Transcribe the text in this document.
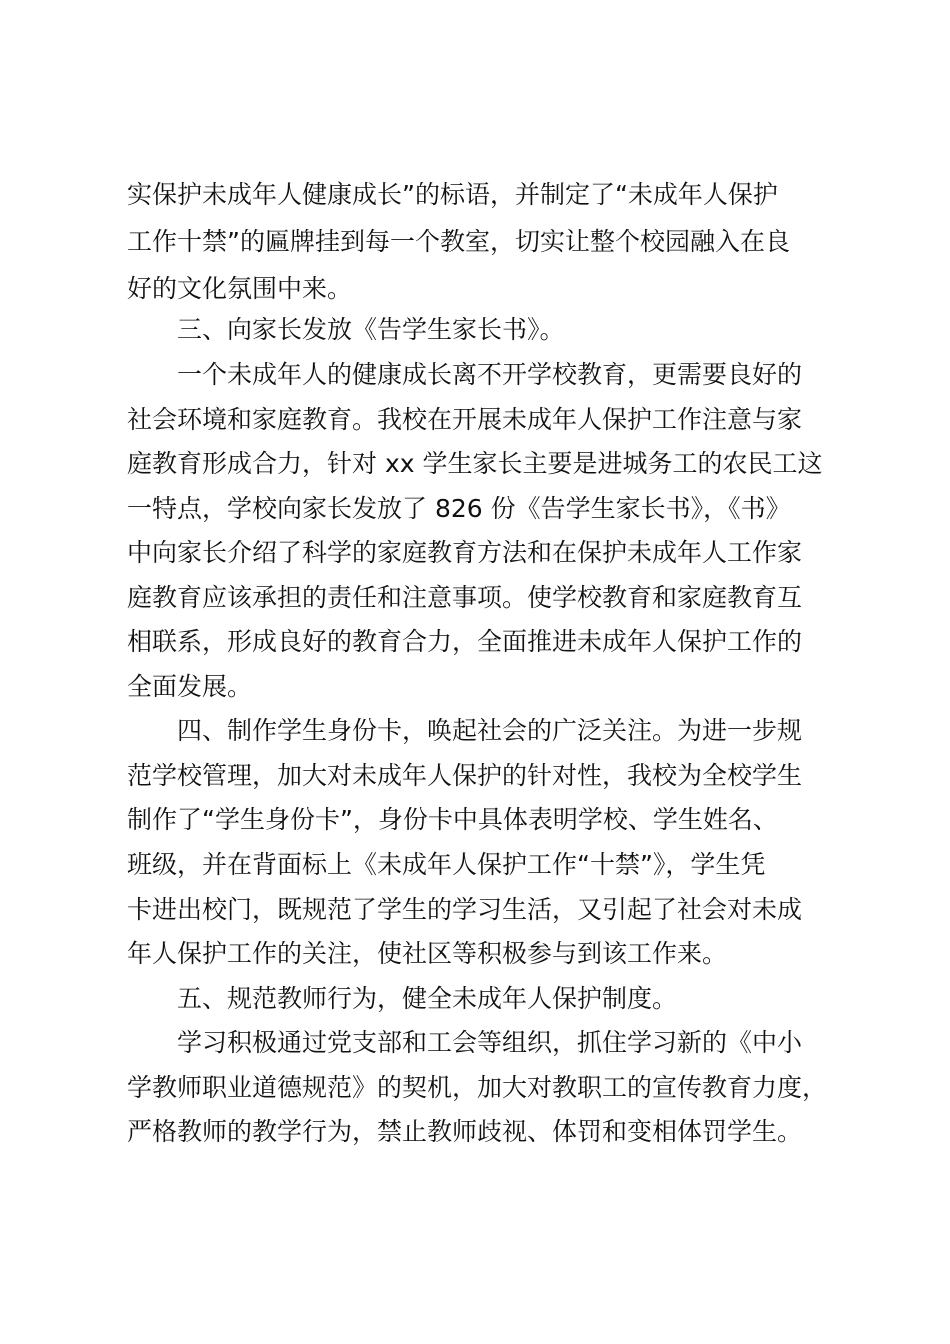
实保护未成年人健康成长”的标语，并制定了“未成年人保护
工作十禁”的匾牌挂到每一个教室，切实让整个校园融入在良
好的文化氛围中来。
三、向家长发放《告学生家长书》。
一个未成年人的健康成长离不开学校教育，更需要良好的
社会环境和家庭教育。我校在开展未成年人保护工作注意与家
庭教育形成合力，针对 xx 学生家长主要是进城务工的农民工这
一特点，学校向家长发放了 826 份《告学生家长书》，《书》
中向家长介绍了科学的家庭教育方法和在保护未成年人工作家
庭教育应该承担的责任和注意事项。使学校教育和家庭教育互
相联系，形成良好的教育合力，全面推进未成年人保护工作的
全面发展。
四、制作学生身份卡，唤起社会的广泛关注。为进一步规
范学校管理，加大对未成年人保护的针对性，我校为全校学生
制作了“学生身份卡”，身份卡中具体表明学校、学生姓名、
班级，并在背面标上《未成年人保护工作“十禁”》，学生凭
卡进出校门，既规范了学生的学习生活，又引起了社会对未成
年人保护工作的关注，使社区等积极参与到该工作来。
五、规范教师行为，健全未成年人保护制度。
学习积极通过党支部和工会等组织，抓住学习新的《中小
学教师职业道德规范》的契机，加大对教职工的宣传教育力度，
严格教师的教学行为，禁止教师歧视、体罚和变相体罚学生。
